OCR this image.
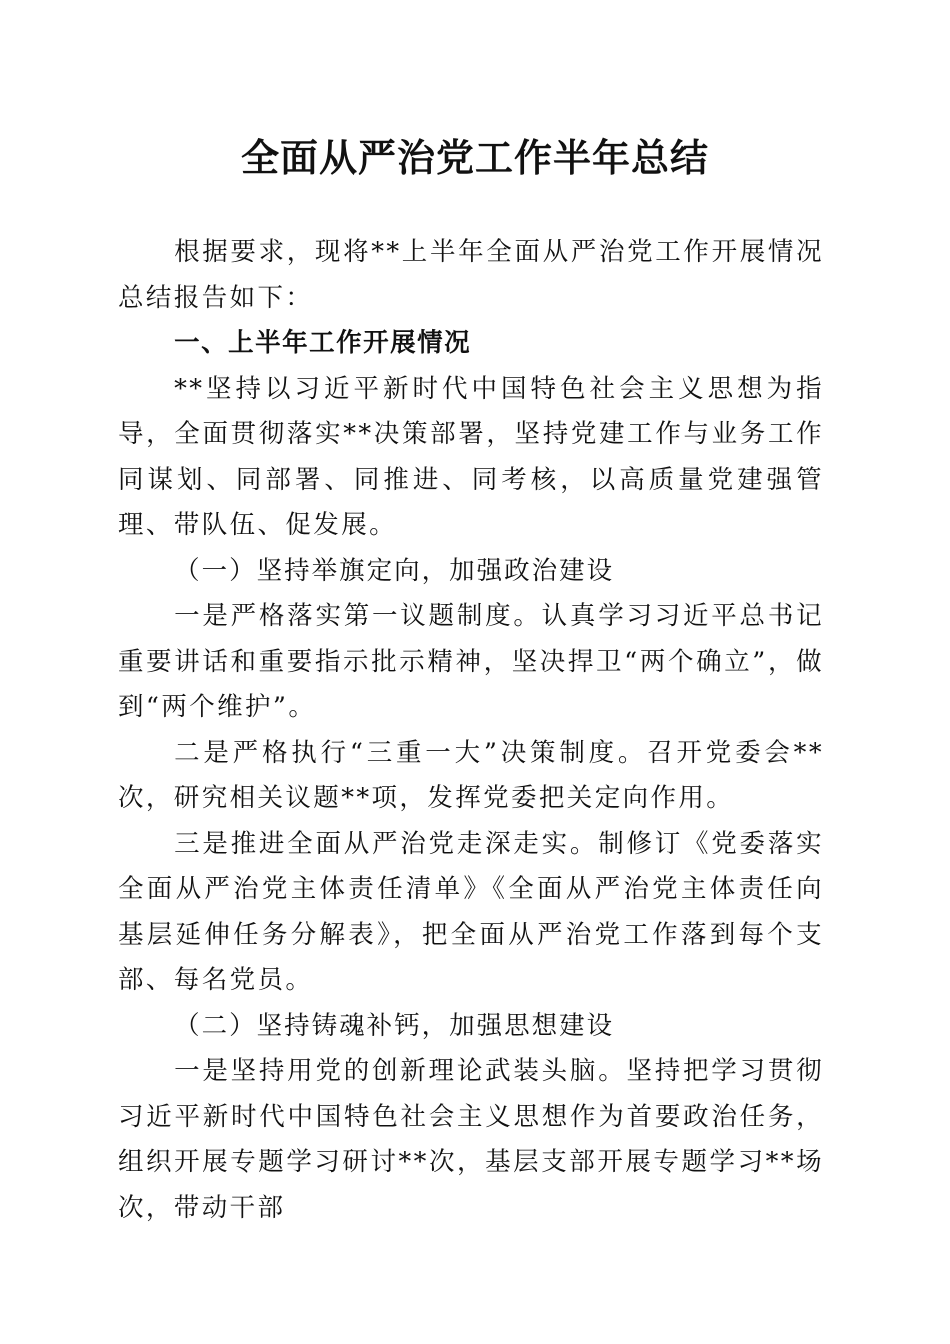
全面从严治党工作半年总结

根据要求，现将**上半年全面从严治党工作开展情况总结报告如下：

一、上半年工作开展情况

**坚持以习近平新时代中国特色社会主义思想为指导，全面贯彻落实**决策部署，坚持党建工作与业务工作同谋划、同部署、同推进、同考核，以高质量党建强管理、带队伍、促发展。

（一）坚持举旗定向，加强政治建设

一是严格落实第一议题制度。认真学习习近平总书记重要讲话和重要指示批示精神，坚决捍卫“两个确立”，做到“两个维护”。

二是严格执行“三重一大”决策制度。召开党委会**次，研究相关议题**项，发挥党委把关定向作用。

三是推进全面从严治党走深走实。制修订《党委落实全面从严治党主体责任清单》《全面从严治党主体责任向基层延伸任务分解表》，把全面从严治党工作落到每个支部、每名党员。

（二）坚持铸魂补钙，加强思想建设

一是坚持用党的创新理论武装头脑。坚持把学习贯彻习近平新时代中国特色社会主义思想作为首要政治任务，组织开展专题学习研讨**次，基层支部开展专题学习**场次，带动干部
